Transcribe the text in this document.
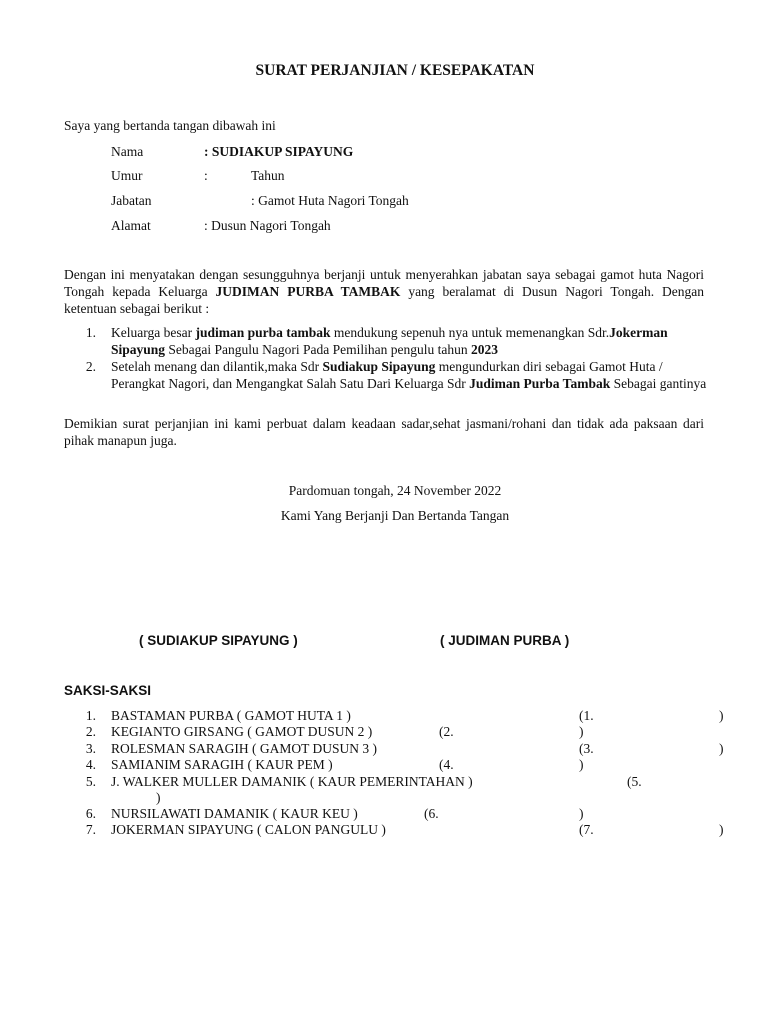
SURAT PERJANJIAN / KESEPAKATAN
Saya yang bertanda tangan dibawah ini
Nama	: SUDIAKUP SIPAYUNG
Umur	:	Tahun
Jabatan	: Gamot Huta Nagori Tongah
Alamat	: Dusun Nagori Tongah
Dengan ini menyatakan dengan sesungguhnya berjanji untuk menyerahkan jabatan saya sebagai gamot huta Nagori Tongah kepada Keluarga JUDIMAN PURBA TAMBAK yang beralamat di Dusun Nagori Tongah. Dengan ketentuan sebagai berikut :
1. Keluarga besar judiman purba tambak mendukung sepenuh nya untuk memenangkan Sdr.Jokerman Sipayung Sebagai Pangulu Nagori Pada Pemilihan pengulu tahun 2023
2. Setelah menang dan dilantik,maka Sdr Sudiakup Sipayung mengundurkan diri sebagai Gamot Huta / Perangkat Nagori, dan Mengangkat Salah Satu Dari Keluarga Sdr Judiman Purba Tambak Sebagai gantinya
Demikian surat perjanjian ini kami perbuat dalam keadaan sadar,sehat jasmani/rohani dan tidak ada paksaan dari pihak manapun juga.
Pardomuan tongah, 24 November 2022
Kami Yang Berjanji Dan Bertanda Tangan
( SUDIAKUP SIPAYUNG )	( JUDIMAN PURBA )
SAKSI-SAKSI
1. BASTAMAN PURBA ( GAMOT HUTA 1 )	(1.	)
2. KEGIANTO GIRSANG ( GAMOT DUSUN 2 )	(2.	)
3. ROLESMAN SARAGIH ( GAMOT DUSUN 3 )	(3.	)
4. SAMIANIM SARAGIH ( KAUR PEM )	(4.	)
5. J. WALKER MULLER DAMANIK ( KAUR PEMERINTAHAN )	(5.
)
6. NURSILAWATI DAMANIK ( KAUR KEU )	(6.	)
7. JOKERMAN SIPAYUNG ( CALON PANGULU )	(7.	)
